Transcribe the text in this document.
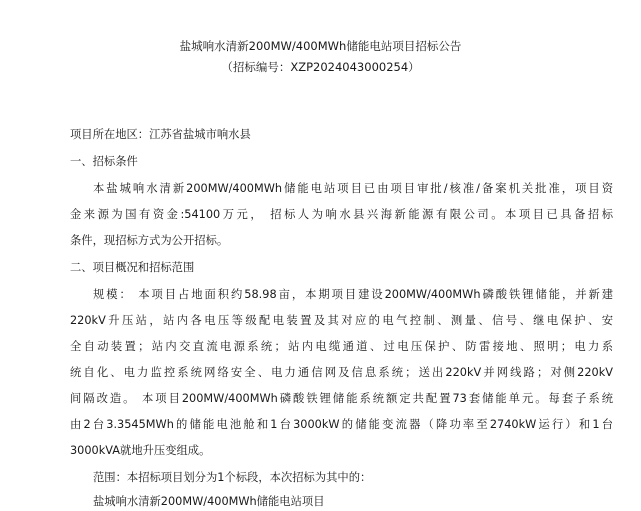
盐城响水清新200MW/400MWh储能电站项目招标公告
（招标编号：XZP2024043000254）
项目所在地区：江苏省盐城市响水县
一、招标条件
本盐城响水清新200MW/400MWh储能电站项目已由项目审批/核准/备案机关批准，项目资
金来源为国有资金:54100万元， 招标人为响水县兴海新能源有限公司。本项目已具备招标
条件，现招标方式为公开招标。
二、项目概况和招标范围
规模： 本项目占地面积约58.98亩，本期项目建设200MW/400MWh磷酸铁锂储能，并新建
220kV升压站，站内各电压等级配电装置及其对应的电气控制、测量、信号、继电保护、安
全自动装置；站内交直流电源系统；站内电缆通道、过电压保护、防雷接地、照明；电力系
统自化、电力监控系统网络安全、电力通信网及信息系统；送出220kV并网线路；对侧220kV
间隔改造。 本项目200MW/400MWh磷酸铁锂储能系统额定共配置73套储能单元。每套子系统
由2台3.3545MWh的储能电池舱和1台3000kW的储能变流器（降功率至2740kW运行）和1台
3000kVA就地升压变组成。
范围：本招标项目划分为1个标段，本次招标为其中的：
盐城响水清新200MW/400MWh储能电站项目
